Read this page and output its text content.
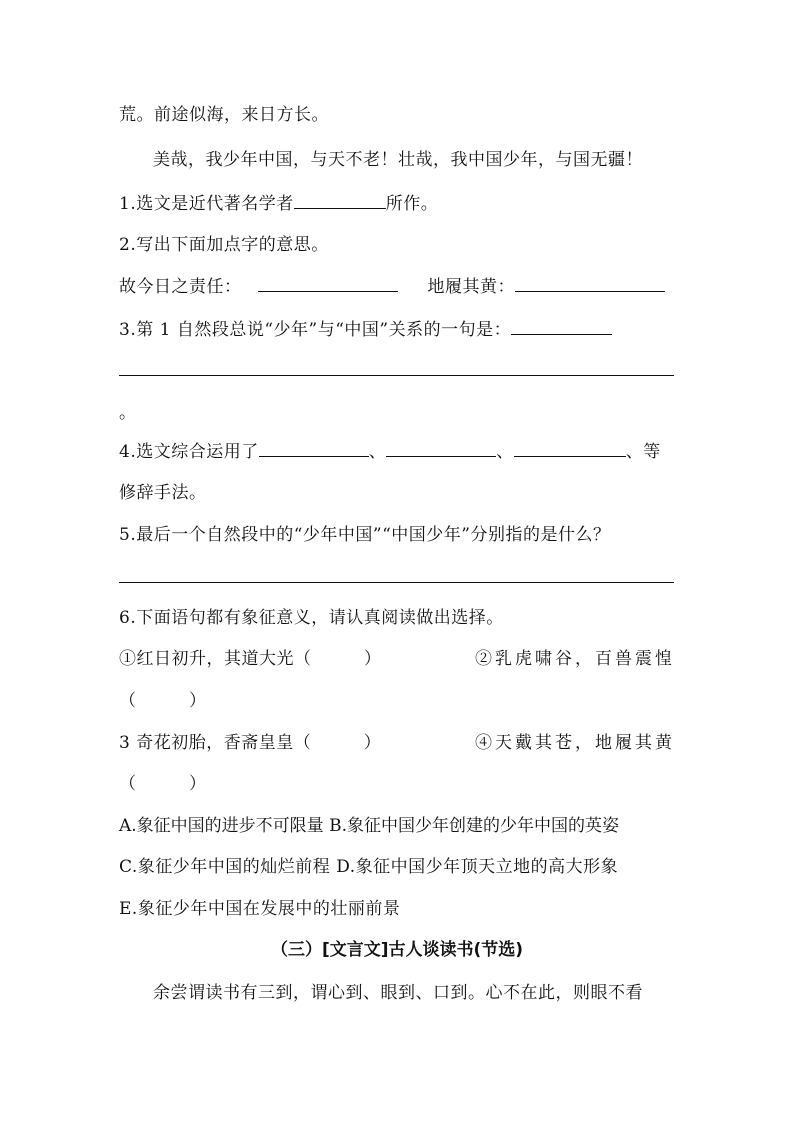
荒。前途似海，来日方长。
美哉，我少年中国，与天不老！壮哉，我中国少年，与国无疆！
1.选文是近代著名学者	所作。
2.写出下面加点字的意思。
故今日之责任：	地履其黄：
3.第 1 自然段总说“少年”与“中国”关系的一句是：
。
4.选文综合运用了	、	、	、等
修辞手法。
5.最后一个自然段中的“少年中国”“中国少年”分别指的是什么？
6.下面语句都有象征意义，请认真阅读做出选择。
①红日初升，其道大光（　　　）	②乳虎啸谷，百兽震惶
（　　　）
3 奇花初胎，香斋皇皇（　　　）	④天戴其苍，地履其黄
（　　　）
A.象征中国的进步不可限量 B.象征中国少年创建的少年中国的英姿
C.象征少年中国的灿烂前程 D.象征中国少年顶天立地的高大形象
E.象征少年中国在发展中的壮丽前景
（三）[文言文]古人谈读书(节选)
余尝谓读书有三到，谓心到、眼到、口到。心不在此，则眼不看
